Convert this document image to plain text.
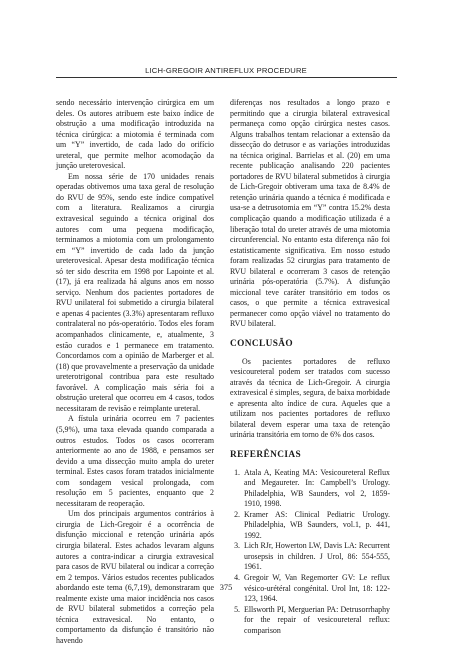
LICH-GREGOIR ANTIREFLUX PROCEDURE

sendo necessário intervenção cirúrgica em um deles. Os autores atribuem este baixo índice de obstrução a uma modificação introduzida na técnica cirúrgica: a miotomia é terminada com um “Y” invertido, de cada lado do orifício ureteral, que permite melhor acomodação da junção ureterovesical.

Em nossa série de 170 unidades renais operadas obtivemos uma taxa geral de resolução do RVU de 95%, sendo este índice compatível com a literatura. Realizamos a cirurgia extravesical seguindo a técnica original dos autores com uma pequena modificação, terminamos a miotomia com um prolongamento em “Y” invertido de cada lado da junção ureterovesical. Apesar desta modificação técnica só ter sido descrita em 1998 por Lapointe et al. (17), já era realizada há alguns anos em nosso serviço. Nenhum dos pacientes portadores de RVU unilateral foi submetido a cirurgia bilateral e apenas 4 pacientes (3.3%) apresentaram refluxo contralateral no pós-operatório. Todos eles foram acompanhados clinicamente, e, atualmente, 3 estão curados e 1 permanece em tratamento. Concordamos com a opinião de Marberger et al. (18) que provavelmente a preservação da unidade ureterotrigonal contribua para este resultado favorável. A complicação mais séria foi a obstrução ureteral que ocorreu em 4 casos, todos necessitaram de revisão e reimplante ureteral.

A fístula urinária ocorreu em 7 pacientes (5,9%), uma taxa elevada quando comparada a outros estudos. Todos os casos ocorreram anteriormente ao ano de 1988, e pensamos ser devido a uma dissecção muito ampla do ureter terminal. Estes casos foram tratados inicialmente com sondagem vesical prolongada, com resolução em 5 pacientes, enquanto que 2 necessitaram de reoperação.

Um dos principais argumentos contrários à cirurgia de Lich-Gregoir é a ocorrência de disfunção miccional e retenção urinária após cirurgia bilateral. Estes achados levaram alguns autores a contra-indicar a cirurgia extravesical para casos de RVU bilateral ou indicar a correção em 2 tempos. Vários estudos recentes publicados abordando este tema (6,7,19), demonstraram que realmente existe uma maior incidência nos casos de RVU bilateral submetidos a correção pela técnica extravesical. No entanto, o comportamento da disfunção é transitório não havendo

diferenças nos resultados a longo prazo e permitindo que a cirurgia bilateral extravesical permaneça como opção cirúrgica nestes casos. Alguns trabalhos tentam relacionar a extensão da dissecção do detrusor e as variações introduzidas na técnica original. Barrielas et al. (20) em uma recente publicação analisando 220 pacientes portadores de RVU bilateral submetidos à cirurgia de Lich-Gregoir obtiveram uma taxa de 8.4% de retenção urinária quando a técnica é modificada e usa-se a detrusotomia em “Y” contra 15.2% desta complicação quando a modificação utilizada é a liberação total do ureter através de uma miotomia circunferencial. No entanto esta diferença não foi estatisticamente significativa. Em nosso estudo foram realizadas 52 cirurgias para tratamento de RVU bilateral e ocorreram 3 casos de retenção urinária pós-operatória (5.7%). A disfunção miccional teve caráter transitório em todos os casos, o que permite a técnica extravesical permanecer como opção viável no tratamento do RVU bilateral.

CONCLUSÃO

Os pacientes portadores de refluxo vesicoureteral podem ser tratados com sucesso através da técnica de Lich-Gregoir. A cirurgia extravesical é simples, segura, de baixa morbidade e apresenta alto índice de cura. Aqueles que a utilizam nos pacientes portadores de refluxo bilateral devem esperar uma taxa de retenção urinária transitória em torno de 6% dos casos.

REFERÊNCIAS
1. Atala A, Keating MA: Vesicoureteral Reflux and Megaureter. In: Campbell’s Urology. Philadelphia, WB Saunders, vol 2, 1859-1910, 1998.
2. Kramer AS: Clinical Pediatric Urology. Philadelphia, WB Saunders, vol.1, p. 441, 1992.
3. Lich RJr, Howerton LW, Davis LA: Recurrent urosepsis in children. J Urol, 86: 554-555, 1961.
4. Gregoir W, Van Regemorter GV: Le reflux vésico-urétéral congénital. Urol Int, 18: 122-123, 1964.
5. Ellsworth PI, Merguerian PA: Detrusorrhaphy for the repair of vesicoureteral reflux: comparison
375
